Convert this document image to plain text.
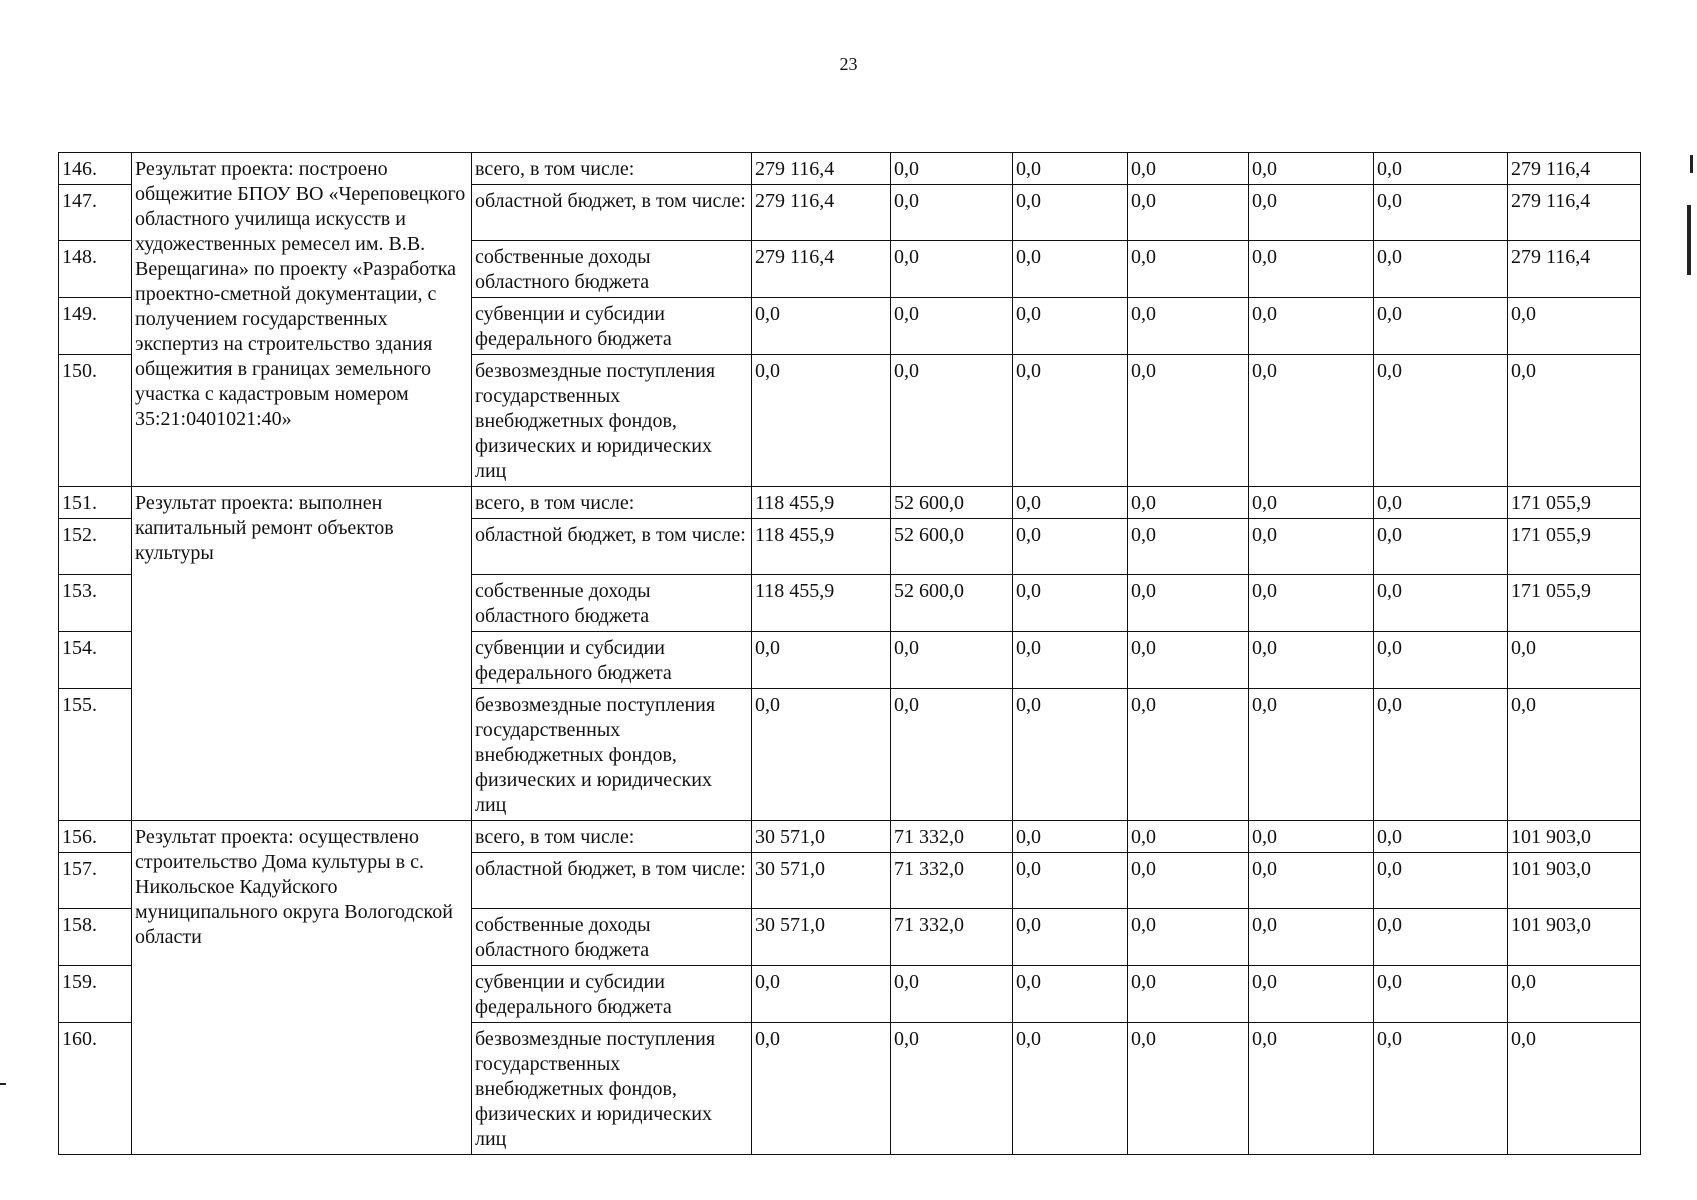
23
146.	Результат проекта: построено общежитие БПОУ ВО «Череповецкого областного училища искусств и художественных ремесел им. В.В. Верещагина» по проекту «Разработка проектно-сметной документации, с получением государственных экспертиз на строительство здания общежития в границах земельного участка с кадастровым номером 35:21:0401021:40»	всего, в том числе:	279 116,4	0,0	0,0	0,0	0,0	0,0	279 116,4
147.		областной бюджет, в том числе:	279 116,4	0,0	0,0	0,0	0,0	0,0	279 116,4
148.		собственные доходы областного бюджета	279 116,4	0,0	0,0	0,0	0,0	0,0	279 116,4
149.		субвенции и субсидии федерального бюджета	0,0	0,0	0,0	0,0	0,0	0,0	0,0
150.		безвозмездные поступления государственных внебюджетных фондов, физических и юридических лиц	0,0	0,0	0,0	0,0	0,0	0,0	0,0
151.	Результат проекта: выполнен капитальный ремонт объектов культуры	всего, в том числе:	118 455,9	52 600,0	0,0	0,0	0,0	0,0	171 055,9
152.		областной бюджет, в том числе:	118 455,9	52 600,0	0,0	0,0	0,0	0,0	171 055,9
153.		собственные доходы областного бюджета	118 455,9	52 600,0	0,0	0,0	0,0	0,0	171 055,9
154.		субвенции и субсидии федерального бюджета	0,0	0,0	0,0	0,0	0,0	0,0	0,0
155.		безвозмездные поступления государственных внебюджетных фондов, физических и юридических лиц	0,0	0,0	0,0	0,0	0,0	0,0	0,0
156.	Результат проекта: осуществлено строительство Дома культуры в с. Никольское Кадуйского муниципального округа Вологодской области	всего, в том числе:	30 571,0	71 332,0	0,0	0,0	0,0	0,0	101 903,0
157.		областной бюджет, в том числе:	30 571,0	71 332,0	0,0	0,0	0,0	0,0	101 903,0
158.		собственные доходы областного бюджета	30 571,0	71 332,0	0,0	0,0	0,0	0,0	101 903,0
159.		субвенции и субсидии федерального бюджета	0,0	0,0	0,0	0,0	0,0	0,0	0,0
160.		безвозмездные поступления государственных внебюджетных фондов, физических и юридических лиц	0,0	0,0	0,0	0,0	0,0	0,0	0,0
